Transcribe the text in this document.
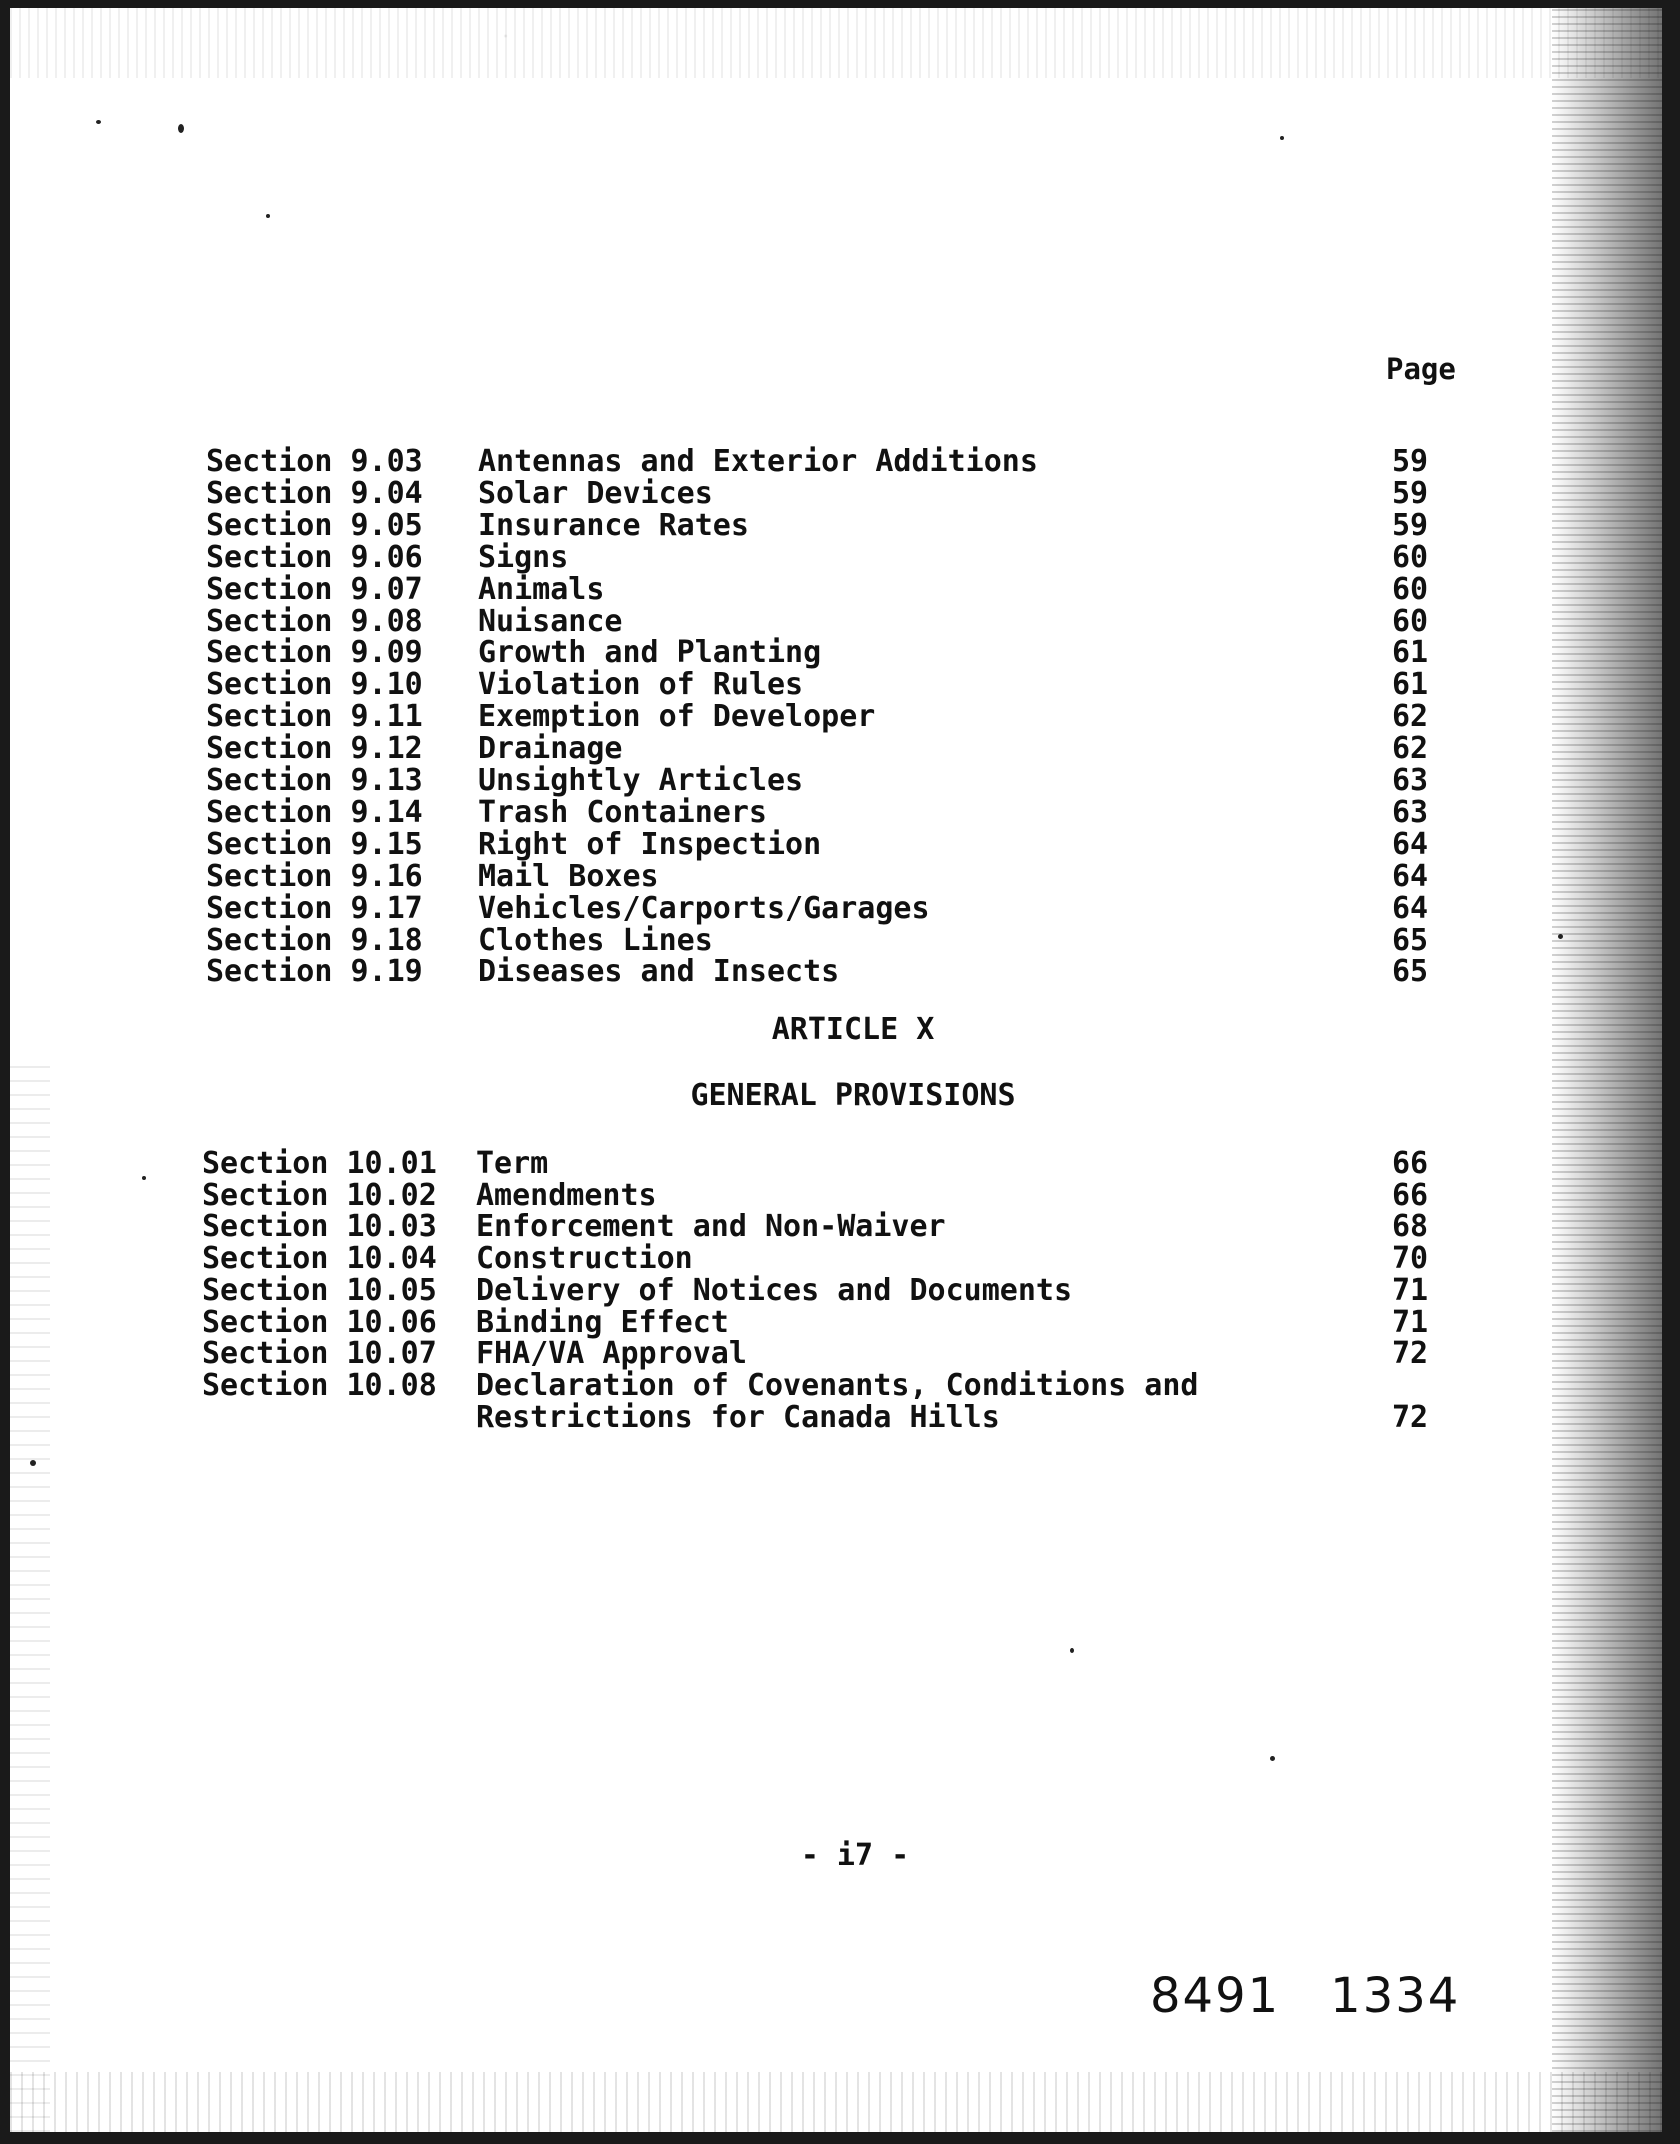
Page
Section 9.03 Antennas and Exterior Additions	59
Section 9.04 Solar Devices	59
Section 9.05 Insurance Rates	59
Section 9.06 Signs	60
Section 9.07 Animals	60
Section 9.08 Nuisance	60
Section 9.09 Growth and Planting	61
Section 9.10 Violation of Rules	61
Section 9.11 Exemption of Developer	62
Section 9.12 Drainage	62
Section 9.13 Unsightly Articles	63
Section 9.14 Trash Containers	63
Section 9.15 Right of Inspection	64
Section 9.16 Mail Boxes	64
Section 9.17 Vehicles/Carports/Garages	64
Section 9.18 Clothes Lines	65
Section 9.19 Diseases and Insects	65
ARTICLE X
GENERAL PROVISIONS
Section 10.01 Term	66
Section 10.02 Amendments	66
Section 10.03 Enforcement and Non-Waiver	68
Section 10.04 Construction	70
Section 10.05 Delivery of Notices and Documents	71
Section 10.06 Binding Effect	71
Section 10.07 FHA/VA Approval	72
Section 10.08 Declaration of Covenants, Conditions and
Restrictions for Canada Hills	72
- i7 -
8491 1334
